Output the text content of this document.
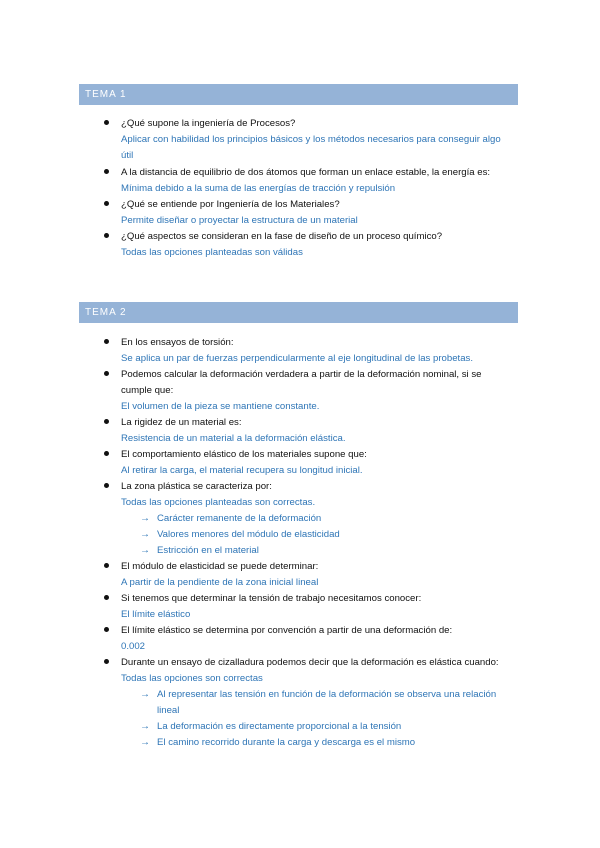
TEMA 1
¿Qué supone la ingeniería de Procesos?
Aplicar con habilidad los principios básicos y los métodos necesarios para conseguir algo útil
A la distancia de equilibrio de dos átomos que forman un enlace estable, la energía es:
Mínima debido a la suma de las energías de tracción y repulsión
¿Qué se entiende por Ingeniería de los Materiales?
Permite diseñar o proyectar la estructura de un material
¿Qué aspectos se consideran en la fase de diseño de un proceso químico?
Todas las opciones planteadas son válidas
TEMA 2
En los ensayos de torsión:
Se aplica un par de fuerzas perpendicularmente al eje longitudinal de las probetas.
Podemos calcular la deformación verdadera a partir de la deformación nominal, si se cumple que:
El volumen de la pieza se mantiene constante.
La rigidez de un material es:
Resistencia de un material a la deformación elástica.
El comportamiento elástico de los materiales supone que:
Al retirar la carga, el material recupera su longitud inicial.
La zona plástica se caracteriza por:
Todas las opciones planteadas son correctas.
→ Carácter remanente de la deformación
→ Valores menores del módulo de elasticidad
→ Estricción en el material
El módulo de elasticidad se puede determinar:
A partir de la pendiente de la zona inicial lineal
Si tenemos que determinar la tensión de trabajo necesitamos conocer:
El límite elástico
El límite elástico se determina por convención a partir de una deformación de:
0.002
Durante un ensayo de cizalladura podemos decir que la deformación es elástica cuando:
Todas las opciones son correctas
→ Al representar las tensión en función de la deformación se observa una relación lineal
→ La deformación es directamente proporcional a la tensión
→ El camino recorrido durante la carga y descarga es el mismo
